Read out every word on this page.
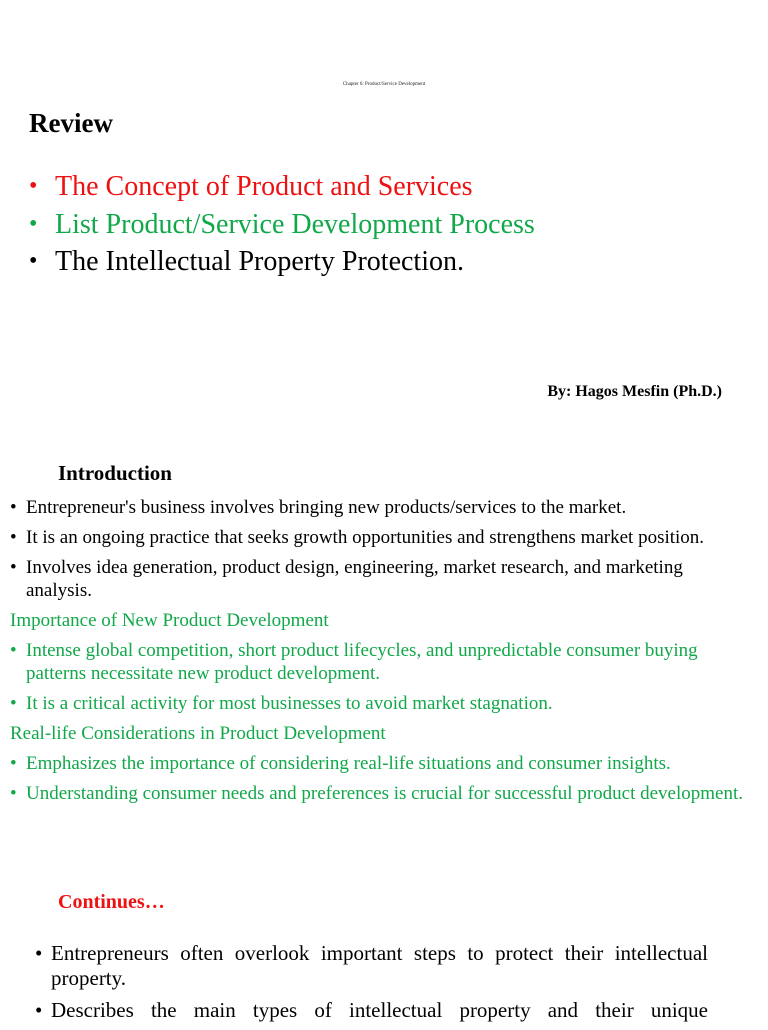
Chapter 6: Product/Service Development
Review
• The Concept of Product and Services
• List Product/Service Development Process
• The Intellectual Property Protection.
By: Hagos Mesfin (Ph.D.)
Introduction

• Entrepreneur's business involves bringing new products/services to the market.

• It is an ongoing practice that seeks growth opportunities and strengthens market position.

• Involves idea generation, product design, engineering, market research, and marketing analysis.

Importance of New Product Development

• Intense global competition, short product lifecycles, and unpredictable consumer buying patterns necessitate new product development.

• It is a critical activity for most businesses to avoid market stagnation.

Real-life Considerations in Product Development

• Emphasizes the importance of considering real-life situations and consumer insights.

• Understanding consumer needs and preferences is crucial for successful product development.

Continues…

• Entrepreneurs often overlook important steps to protect their intellectual property.

• Describes the main types of intellectual property and their unique
